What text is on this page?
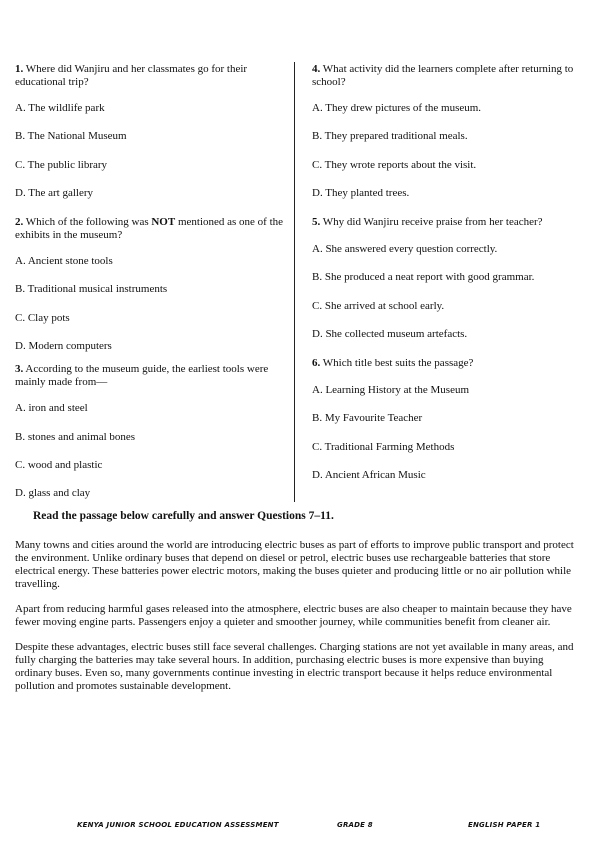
1. Where did Wanjiru and her classmates go for their educational trip?
A. The wildlife park
B. The National Museum
C. The public library
D. The art gallery
2. Which of the following was NOT mentioned as one of the exhibits in the museum?
A. Ancient stone tools
B. Traditional musical instruments
C. Clay pots
D. Modern computers
3. According to the museum guide, the earliest tools were mainly made from—
A. iron and steel
B. stones and animal bones
C. wood and plastic
D. glass and clay
4. What activity did the learners complete after returning to school?
A. They drew pictures of the museum.
B. They prepared traditional meals.
C. They wrote reports about the visit.
D. They planted trees.
5. Why did Wanjiru receive praise from her teacher?
A. She answered every question correctly.
B. She produced a neat report with good grammar.
C. She arrived at school early.
D. She collected museum artefacts.
6. Which title best suits the passage?
A. Learning History at the Museum
B. My Favourite Teacher
C. Traditional Farming Methods
D. Ancient African Music
Read the passage below carefully and answer Questions 7–11.

Many towns and cities around the world are introducing electric buses as part of efforts to improve public transport and protect the environment. Unlike ordinary buses that depend on diesel or petrol, electric buses use rechargeable batteries that store electrical energy. These batteries power electric motors, making the buses quieter and producing little or no air pollution while travelling.

Apart from reducing harmful gases released into the atmosphere, electric buses are also cheaper to maintain because they have fewer moving engine parts. Passengers enjoy a quieter and smoother journey, while communities benefit from cleaner air.

Despite these advantages, electric buses still face several challenges. Charging stations are not yet available in many areas, and fully charging the batteries may take several hours. In addition, purchasing electric buses is more expensive than buying ordinary buses. Even so, many governments continue investing in electric transport because it helps reduce environmental pollution and promotes sustainable development.

KENYA JUNIOR SCHOOL EDUCATION ASSESSMENT	GRADE 8	ENGLISH PAPER 1
